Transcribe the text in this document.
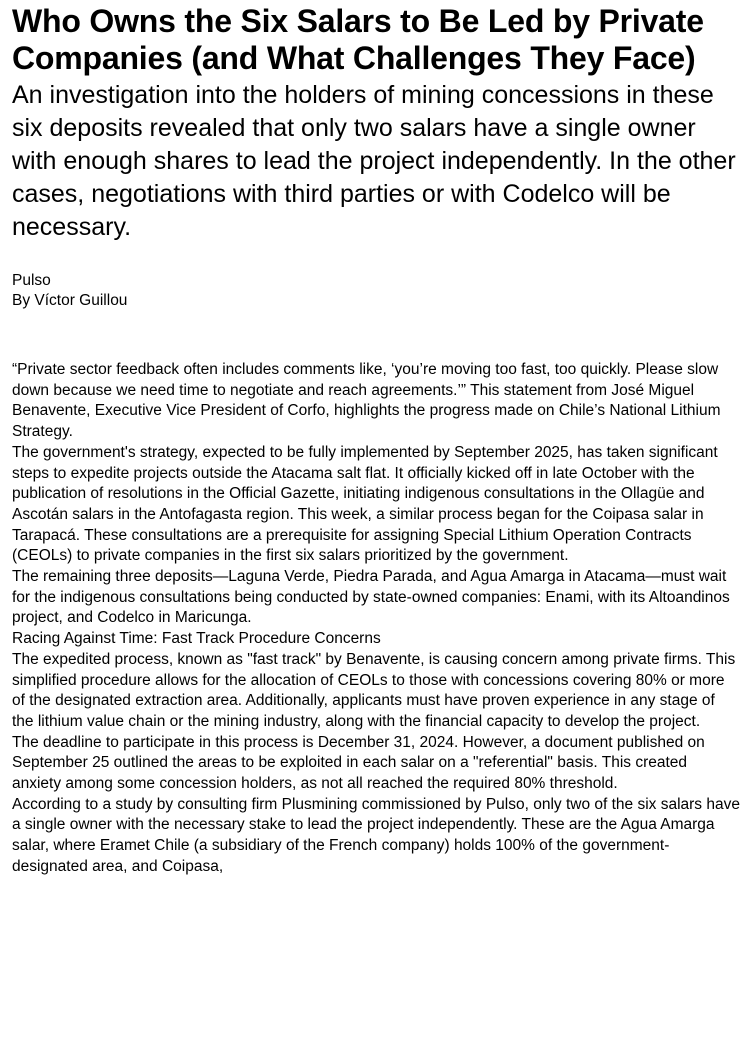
Who Owns the Six Salars to Be Led by Private Companies (and What Challenges They Face)
An investigation into the holders of mining concessions in these six deposits revealed that only two salars have a single owner with enough shares to lead the project independently. In the other cases, negotiations with third parties or with Codelco will be necessary.
Pulso
By Víctor Guillou

“Private sector feedback often includes comments like, ‘you’re moving too fast, too quickly. Please slow down because we need time to negotiate and reach agreements.’” This statement from José Miguel Benavente, Executive Vice President of Corfo, highlights the progress made on Chile’s National Lithium Strategy.

The government's strategy, expected to be fully implemented by September 2025, has taken significant steps to expedite projects outside the Atacama salt flat. It officially kicked off in late October with the publication of resolutions in the Official Gazette, initiating indigenous consultations in the Ollagüe and Ascotán salars in the Antofagasta region. This week, a similar process began for the Coipasa salar in Tarapacá. These consultations are a prerequisite for assigning Special Lithium Operation Contracts (CEOLs) to private companies in the first six salars prioritized by the government.

The remaining three deposits—Laguna Verde, Piedra Parada, and Agua Amarga in Atacama—must wait for the indigenous consultations being conducted by state-owned companies: Enami, with its Altoandinos project, and Codelco in Maricunga.

Racing Against Time: Fast Track Procedure Concerns

The expedited process, known as "fast track" by Benavente, is causing concern among private firms. This simplified procedure allows for the allocation of CEOLs to those with concessions covering 80% or more of the designated extraction area. Additionally, applicants must have proven experience in any stage of the lithium value chain or the mining industry, along with the financial capacity to develop the project.

The deadline to participate in this process is December 31, 2024. However, a document published on September 25 outlined the areas to be exploited in each salar on a "referential" basis. This created anxiety among some concession holders, as not all reached the required 80% threshold.

According to a study by consulting firm Plusmining commissioned by Pulso, only two of the six salars have a single owner with the necessary stake to lead the project independently. These are the Agua Amarga salar, where Eramet Chile (a subsidiary of the French company) holds 100% of the government-designated area, and Coipasa,
